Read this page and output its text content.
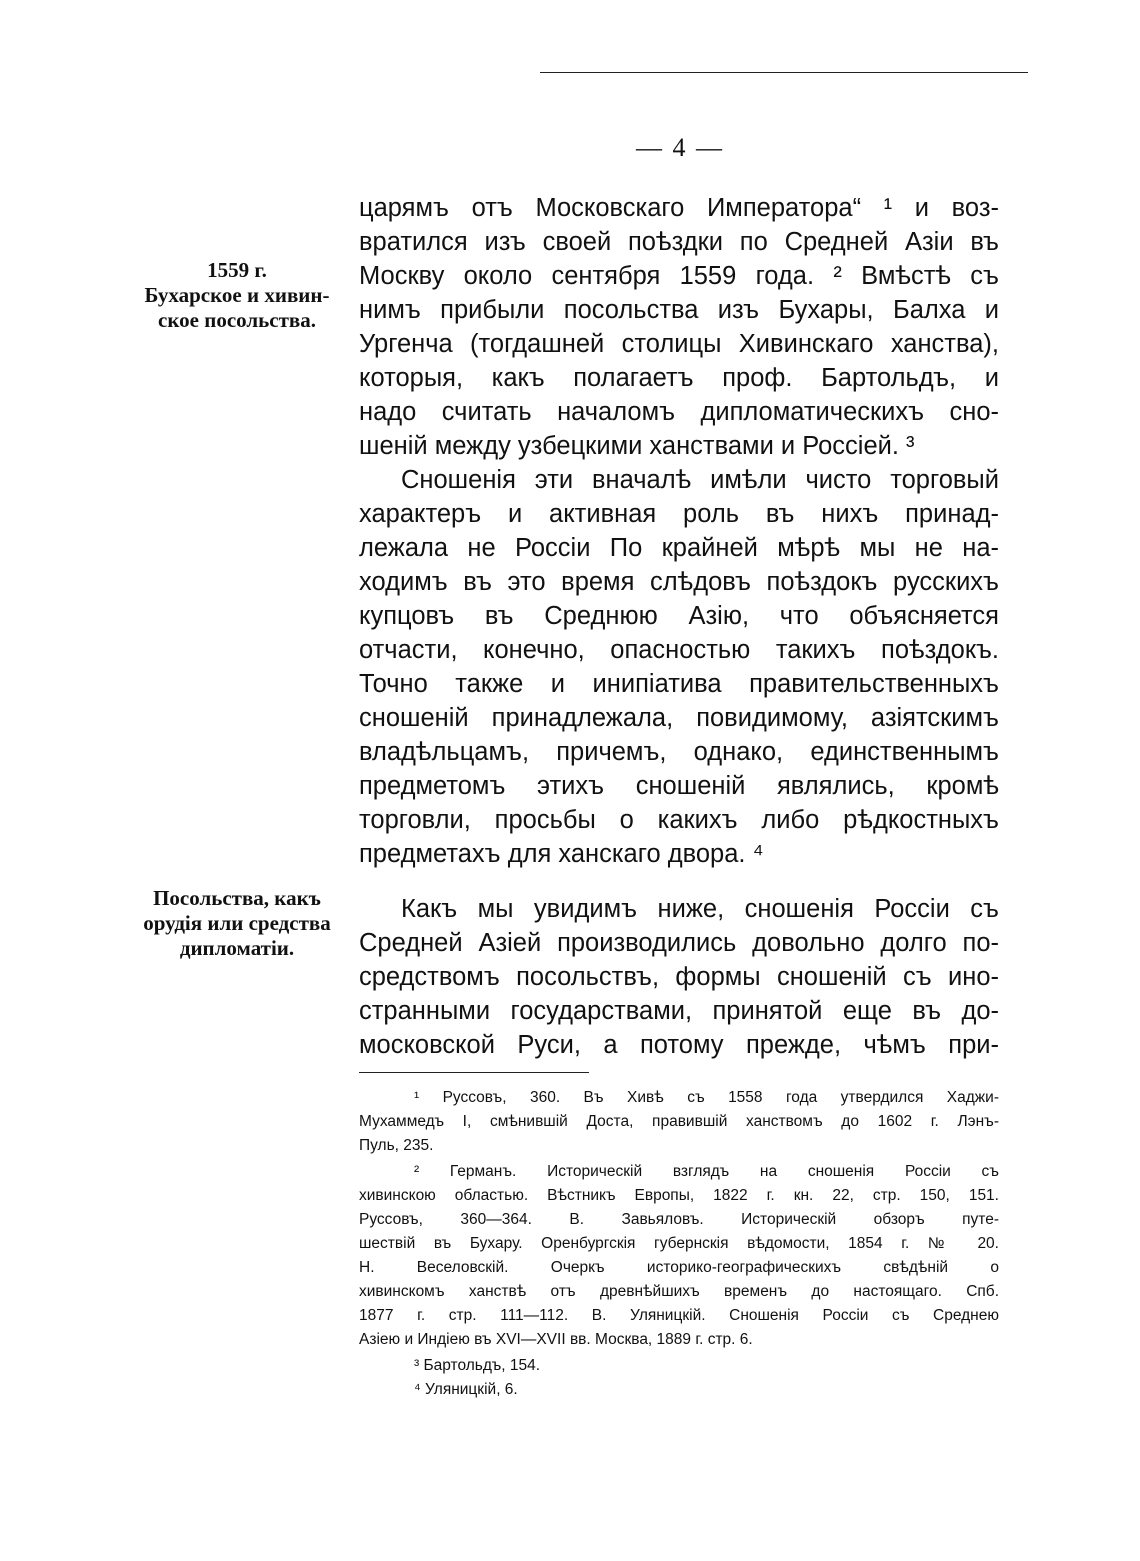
— 4 —
1559 г.
Бухарское и хивин-
ское посольства.
Посольства, какъ
орудія или средства
дипломатіи.
царямъ отъ Московскаго Императора“ ¹ и воз-
вратился изъ своей поѣздки по Средней Азіи въ
Москву около сентября 1559 года. ² Вмѣстѣ съ
нимъ прибыли посольства изъ Бухары, Балха и
Ургенча (тогдашней столицы Хивинскаго ханства),
которыя, какъ полагаетъ проф. Бартольдъ, и
надо считать началомъ дипломатическихъ сно-
шеній между узбецкими ханствами и Россіей. ³
Сношенія эти вначалѣ имѣли чисто торговый
характеръ и активная роль въ нихъ принад-
лежала не Россіи По крайней мѣрѣ мы не на-
ходимъ въ это время слѣдовъ поѣздокъ русскихъ
купцовъ въ Среднюю Азію, что объясняется
отчасти, конечно, опасностью такихъ поѣздокъ.
Точно также и инипіатива правительственныхъ
сношеній принадлежала, повидимому, азіятскимъ
владѣльцамъ, причемъ, однако, единственнымъ
предметомъ этихъ сношеній являлись, кромѣ
торговли, просьбы о какихъ либо рѣдкостныхъ
предметахъ для ханскаго двора. ⁴
Какъ мы увидимъ ниже, сношенія Россіи съ
Средней Азіей производились довольно долго по-
средствомъ посольствъ, формы сношеній съ ино-
странными государствами, принятой еще въ до-
московской Руси, а потому прежде, чѣмъ при-
¹ Руссовъ, 360. Въ Хивѣ съ 1558 года утвердился Хаджи-
Мухаммедъ I, смѣнившій Доста, правившій ханствомъ до 1602 г. Лэнъ-
Пуль, 235.
² Германъ. Историческій взглядъ на сношенія Россіи съ
хивинскою областью. Вѣстникъ Европы, 1822 г. кн. 22, стр. 150, 151.
Руссовъ, 360—364. В. Завьяловъ. Историческій обзоръ путе-
шествій въ Бухару. Оренбургскія губернскія вѣдомости, 1854 г. № 20.
Н. Веселовскій. Очеркъ историко-географическихъ свѣдѣній о
хивинскомъ ханствѣ отъ древнѣйшихъ временъ до настоящаго. Спб.
1877 г. стр. 111—112. В. Уляницкій. Сношенія Россіи съ Среднею
Азіею и Индіею въ XVI—XVII вв. Москва, 1889 г. стр. 6.
³ Бартольдъ, 154.
⁴ Уляницкій, 6.
